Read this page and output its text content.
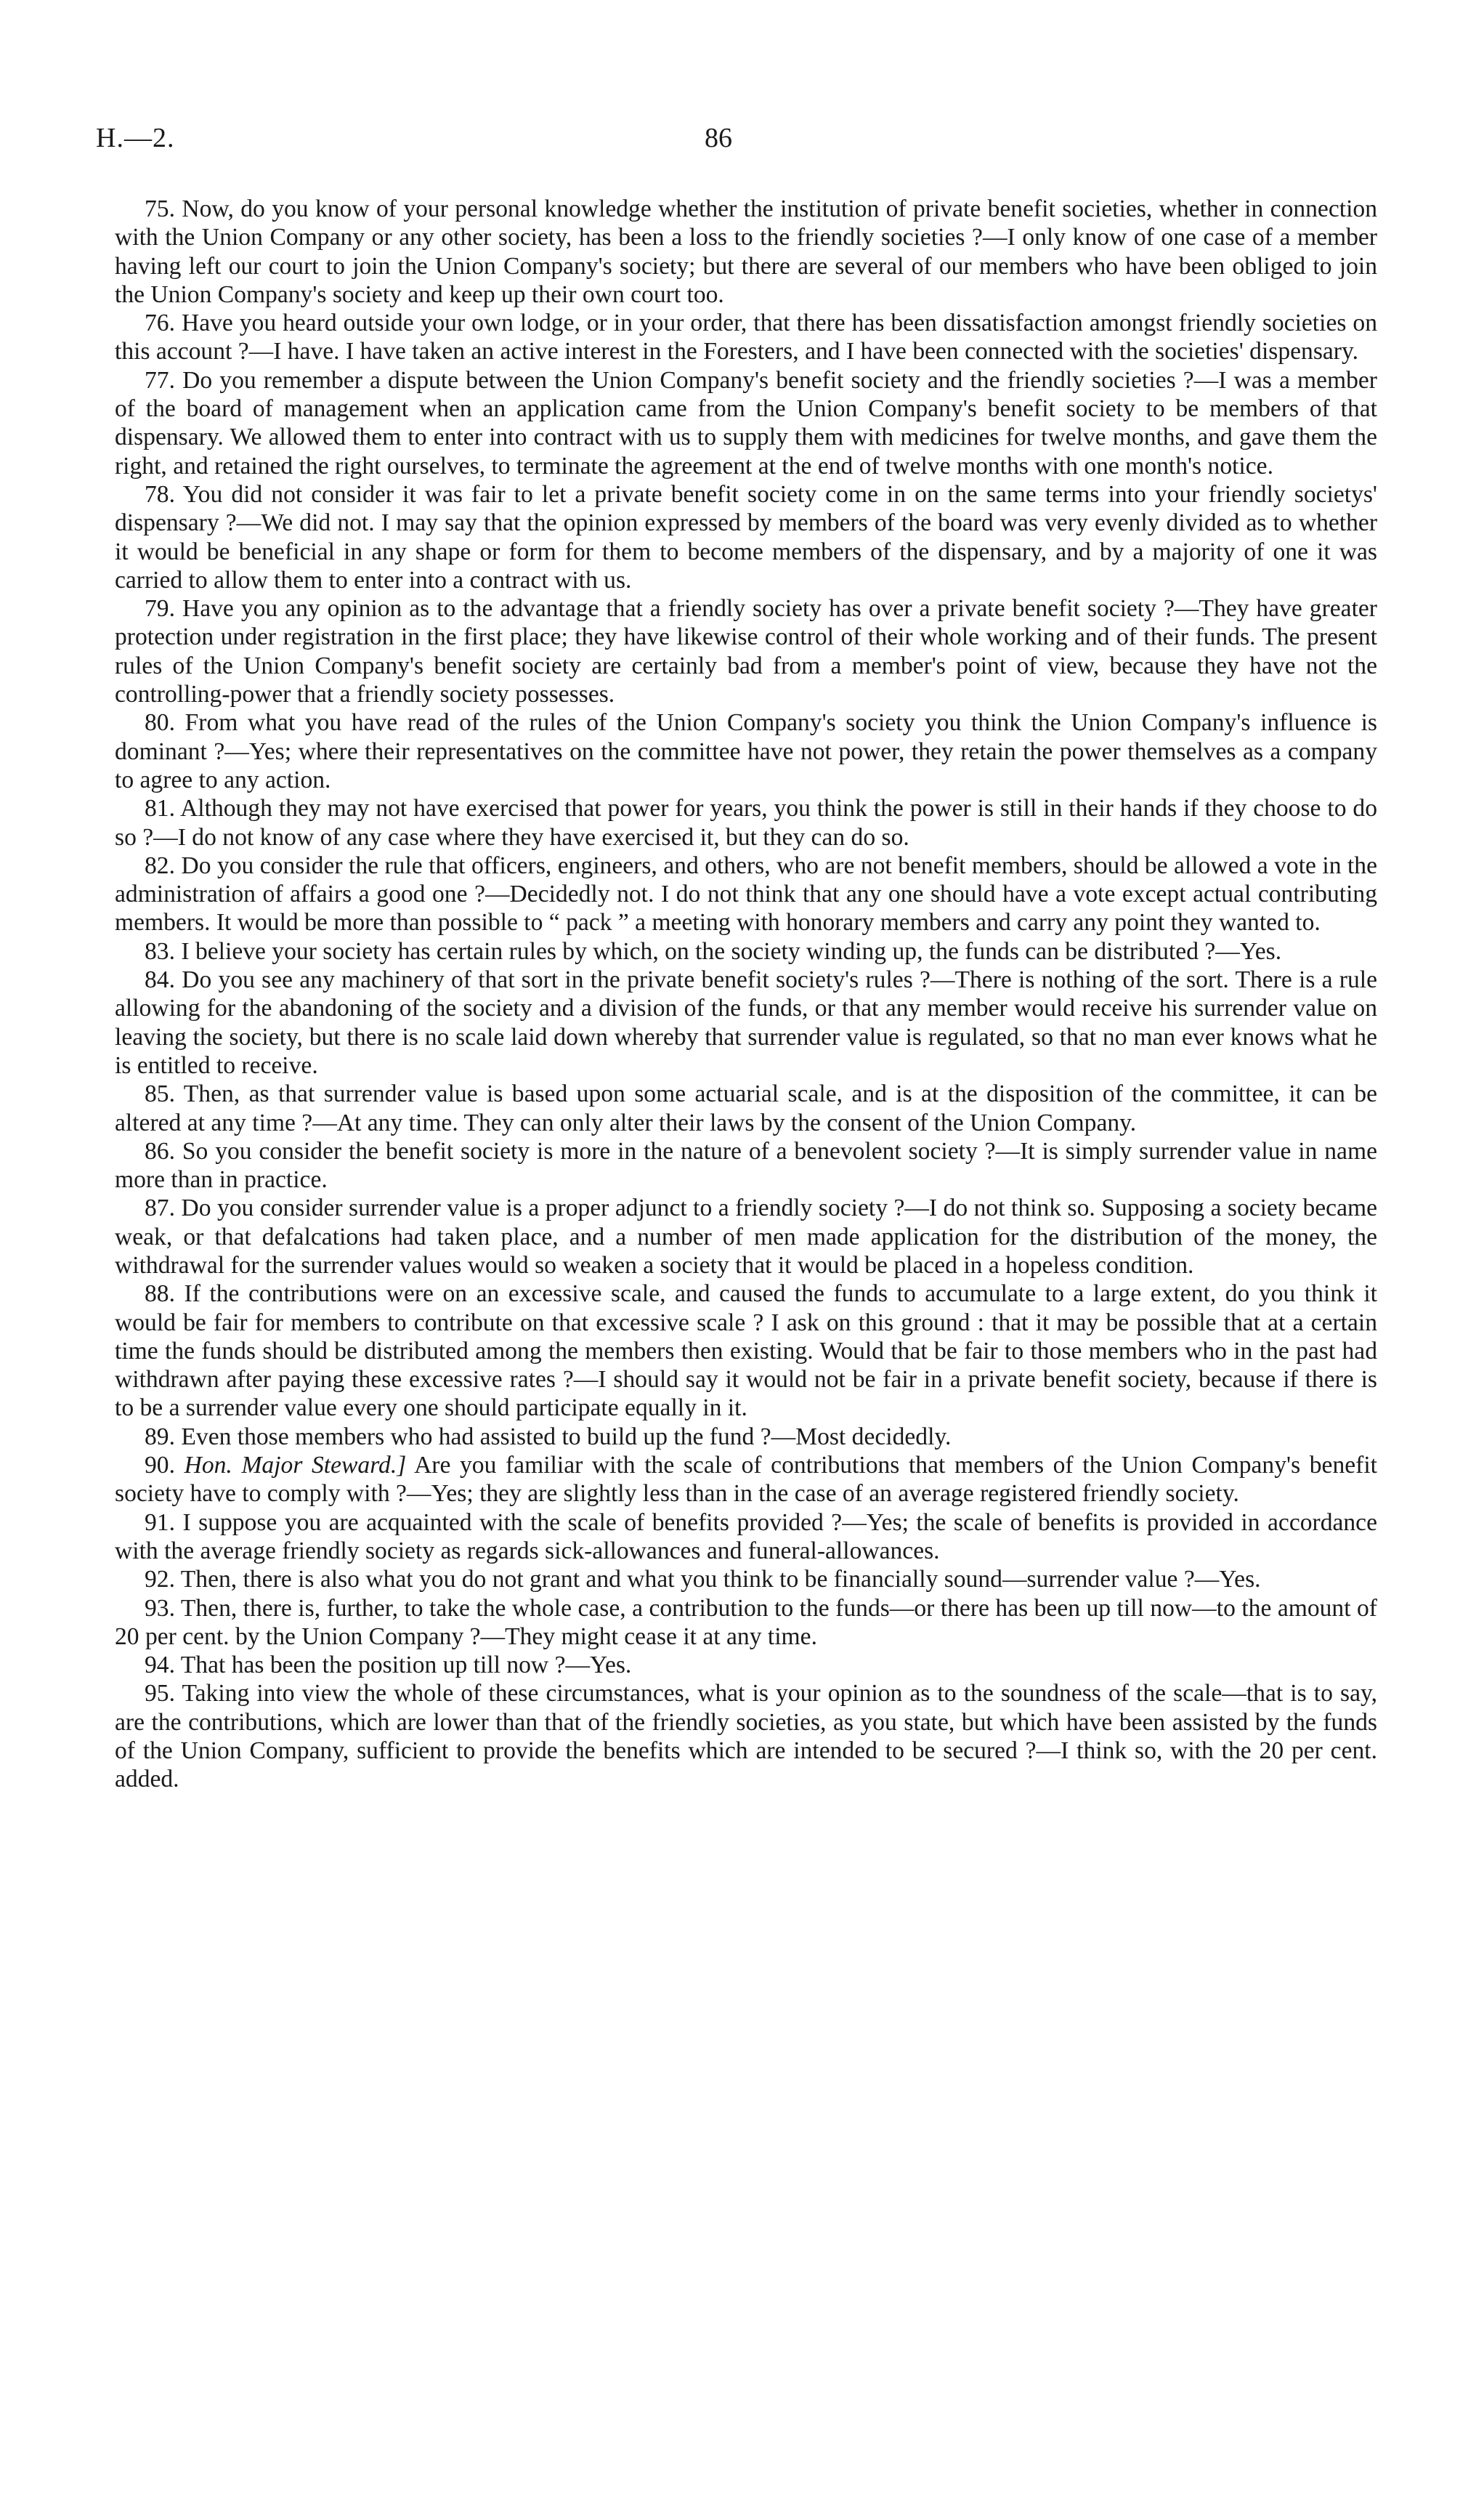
H.—2.	86

75. Now, do you know of your personal knowledge whether the institution of private benefit societies, whether in connection with the Union Company or any other society, has been a loss to the friendly societies ?—I only know of one case of a member having left our court to join the Union Company's society; but there are several of our members who have been obliged to join the Union Company's society and keep up their own court too.

76. Have you heard outside your own lodge, or in your order, that there has been dissatisfaction amongst friendly societies on this account ?—I have. I have taken an active interest in the Foresters, and I have been connected with the societies' dispensary.

77. Do you remember a dispute between the Union Company's benefit society and the friendly societies ?—I was a member of the board of management when an application came from the Union Company's benefit society to be members of that dispensary. We allowed them to enter into contract with us to supply them with medicines for twelve months, and gave them the right, and retained the right ourselves, to terminate the agreement at the end of twelve months with one month's notice.

78. You did not consider it was fair to let a private benefit society come in on the same terms into your friendly societys' dispensary ?—We did not. I may say that the opinion expressed by members of the board was very evenly divided as to whether it would be beneficial in any shape or form for them to become members of the dispensary, and by a majority of one it was carried to allow them to enter into a contract with us.

79. Have you any opinion as to the advantage that a friendly society has over a private benefit society ?—They have greater protection under registration in the first place; they have likewise control of their whole working and of their funds. The present rules of the Union Company's benefit society are certainly bad from a member's point of view, because they have not the controlling-power that a friendly society possesses.

80. From what you have read of the rules of the Union Company's society you think the Union Company's influence is dominant ?—Yes; where their representatives on the committee have not power, they retain the power themselves as a company to agree to any action.

81. Although they may not have exercised that power for years, you think the power is still in their hands if they choose to do so ?—I do not know of any case where they have exercised it, but they can do so.

82. Do you consider the rule that officers, engineers, and others, who are not benefit members, should be allowed a vote in the administration of affairs a good one ?—Decidedly not. I do not think that any one should have a vote except actual contributing members. It would be more than possible to “ pack ” a meeting with honorary members and carry any point they wanted to.

83. I believe your society has certain rules by which, on the society winding up, the funds can be distributed ?—Yes.

84. Do you see any machinery of that sort in the private benefit society's rules ?—There is nothing of the sort. There is a rule allowing for the abandoning of the society and a division of the funds, or that any member would receive his surrender value on leaving the society, but there is no scale laid down whereby that surrender value is regulated, so that no man ever knows what he is entitled to receive.

85. Then, as that surrender value is based upon some actuarial scale, and is at the disposition of the committee, it can be altered at any time ?—At any time. They can only alter their laws by the consent of the Union Company.

86. So you consider the benefit society is more in the nature of a benevolent society ?—It is simply surrender value in name more than in practice.

87. Do you consider surrender value is a proper adjunct to a friendly society ?—I do not think so. Supposing a society became weak, or that defalcations had taken place, and a number of men made application for the distribution of the money, the withdrawal for the surrender values would so weaken a society that it would be placed in a hopeless condition.

88. If the contributions were on an excessive scale, and caused the funds to accumulate to a large extent, do you think it would be fair for members to contribute on that excessive scale ? I ask on this ground : that it may be possible that at a certain time the funds should be distributed among the members then existing. Would that be fair to those members who in the past had withdrawn after paying these excessive rates ?—I should say it would not be fair in a private benefit society, because if there is to be a surrender value every one should participate equally in it.

89. Even those members who had assisted to build up the fund ?—Most decidedly.

90. Hon. Major Steward.] Are you familiar with the scale of contributions that members of the Union Company's benefit society have to comply with ?—Yes; they are slightly less than in the case of an average registered friendly society.

91. I suppose you are acquainted with the scale of benefits provided ?—Yes; the scale of benefits is provided in accordance with the average friendly society as regards sick-allowances and funeral-allowances.

92. Then, there is also what you do not grant and what you think to be financially sound—surrender value ?—Yes.

93. Then, there is, further, to take the whole case, a contribution to the funds—or there has been up till now—to the amount of 20 per cent. by the Union Company ?—They might cease it at any time.

94. That has been the position up till now ?—Yes.

95. Taking into view the whole of these circumstances, what is your opinion as to the soundness of the scale—that is to say, are the contributions, which are lower than that of the friendly societies, as you state, but which have been assisted by the funds of the Union Company, sufficient to provide the benefits which are intended to be secured ?—I think so, with the 20 per cent. added.
